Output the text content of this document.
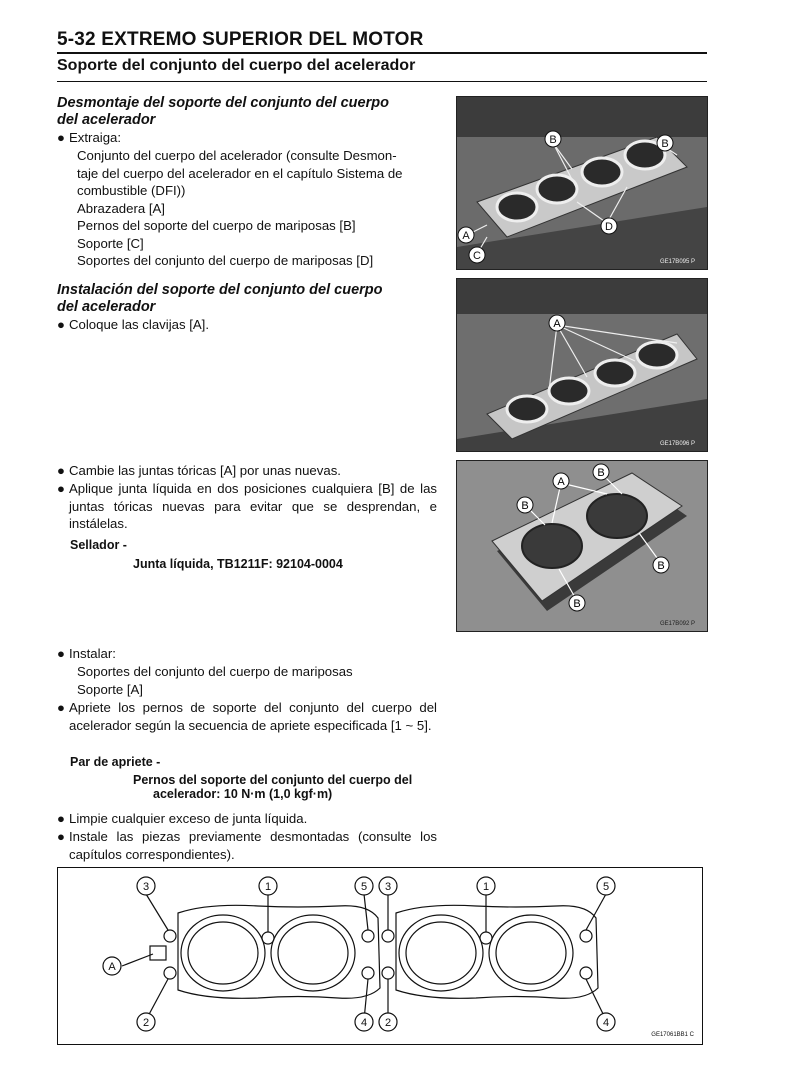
5-32 EXTREMO SUPERIOR DEL MOTOR
Soporte del conjunto del cuerpo del acelerador
Desmontaje del soporte del conjunto del cuerpo
del acelerador
● Extraiga:
Conjunto del cuerpo del acelerador (consulte Desmon-
taje del cuerpo del acelerador en el capítulo Sistema de
combustible (DFI))
Abrazadera [A]
Pernos del soporte del cuerpo de mariposas [B]
Soporte [C]
Soportes del conjunto del cuerpo de mariposas [D]
Instalación del soporte del conjunto del cuerpo
del acelerador
● Coloque las clavijas [A].
● Cambie las juntas tóricas [A] por unas nuevas.
● Aplique junta líquida en dos posiciones cualquiera [B] de las juntas tóricas nuevas para evitar que se desprendan, e instálelas.
Sellador -
Junta líquida, TB1211F: 92104-0004
● Instalar:
Soportes del conjunto del cuerpo de mariposas
Soporte [A]
● Apriete los pernos de soporte del conjunto del cuerpo del acelerador según la secuencia de apriete especificada [1 ~ 5].
Par de apriete -
Pernos del soporte del conjunto del cuerpo del
acelerador: 10 N·m (1,0 kgf·m)
● Limpie cualquier exceso de junta líquida.
● Instale las piezas previamente desmontadas (consulte los capítulos correspondientes).
B	B
D
A
C	GE17B095 P
A
GE17B096 P
A
B
B
B
B
GE17B092 P
3	1	5 3	1	5
2	4 2	4
A
GE17061BB1 C
